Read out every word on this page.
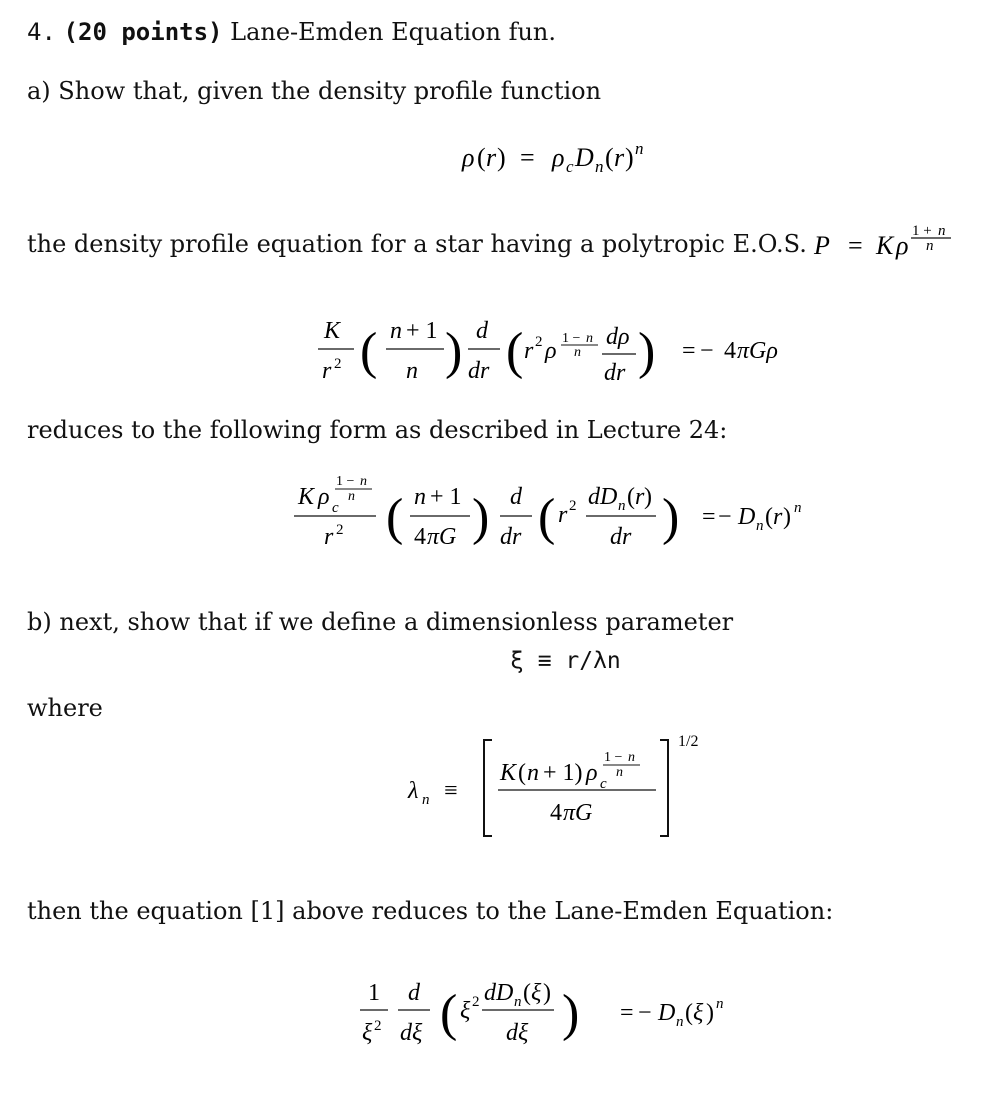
4. (20 points) Lane-Emden Equation fun.
a) Show that, given the density profile function
ρ ( r ) = ρ c D n ( r ) n
the density profile equation for a star having a polytropic E.O.S. P = K ρ 1 + n
n
K
r 2 ( n + 1
n ) d
dr ( r 2 ρ 1 − n
n
dρ
dr ) = − 4 πGρ
reduces to the following form as described in Lecture 24:
K ρ c
1 − n
n
r 2 ( n + 1
4 πG ) d
dr ( r 2 dD n ( r )
dr ) = − D n ( r ) n
b) next, show that if we define a dimensionless parameter
ξ ≡ r/λn
where
λ n ≡
K ( n + 1) ρ c
1 − n
n
4 πG
1/2
then the equation [1] above reduces to the Lane-Emden Equation:
1
ξ 2
d
dξ ( ξ 2 dD n ( ξ )
dξ ) = − D n ( ξ ) n
